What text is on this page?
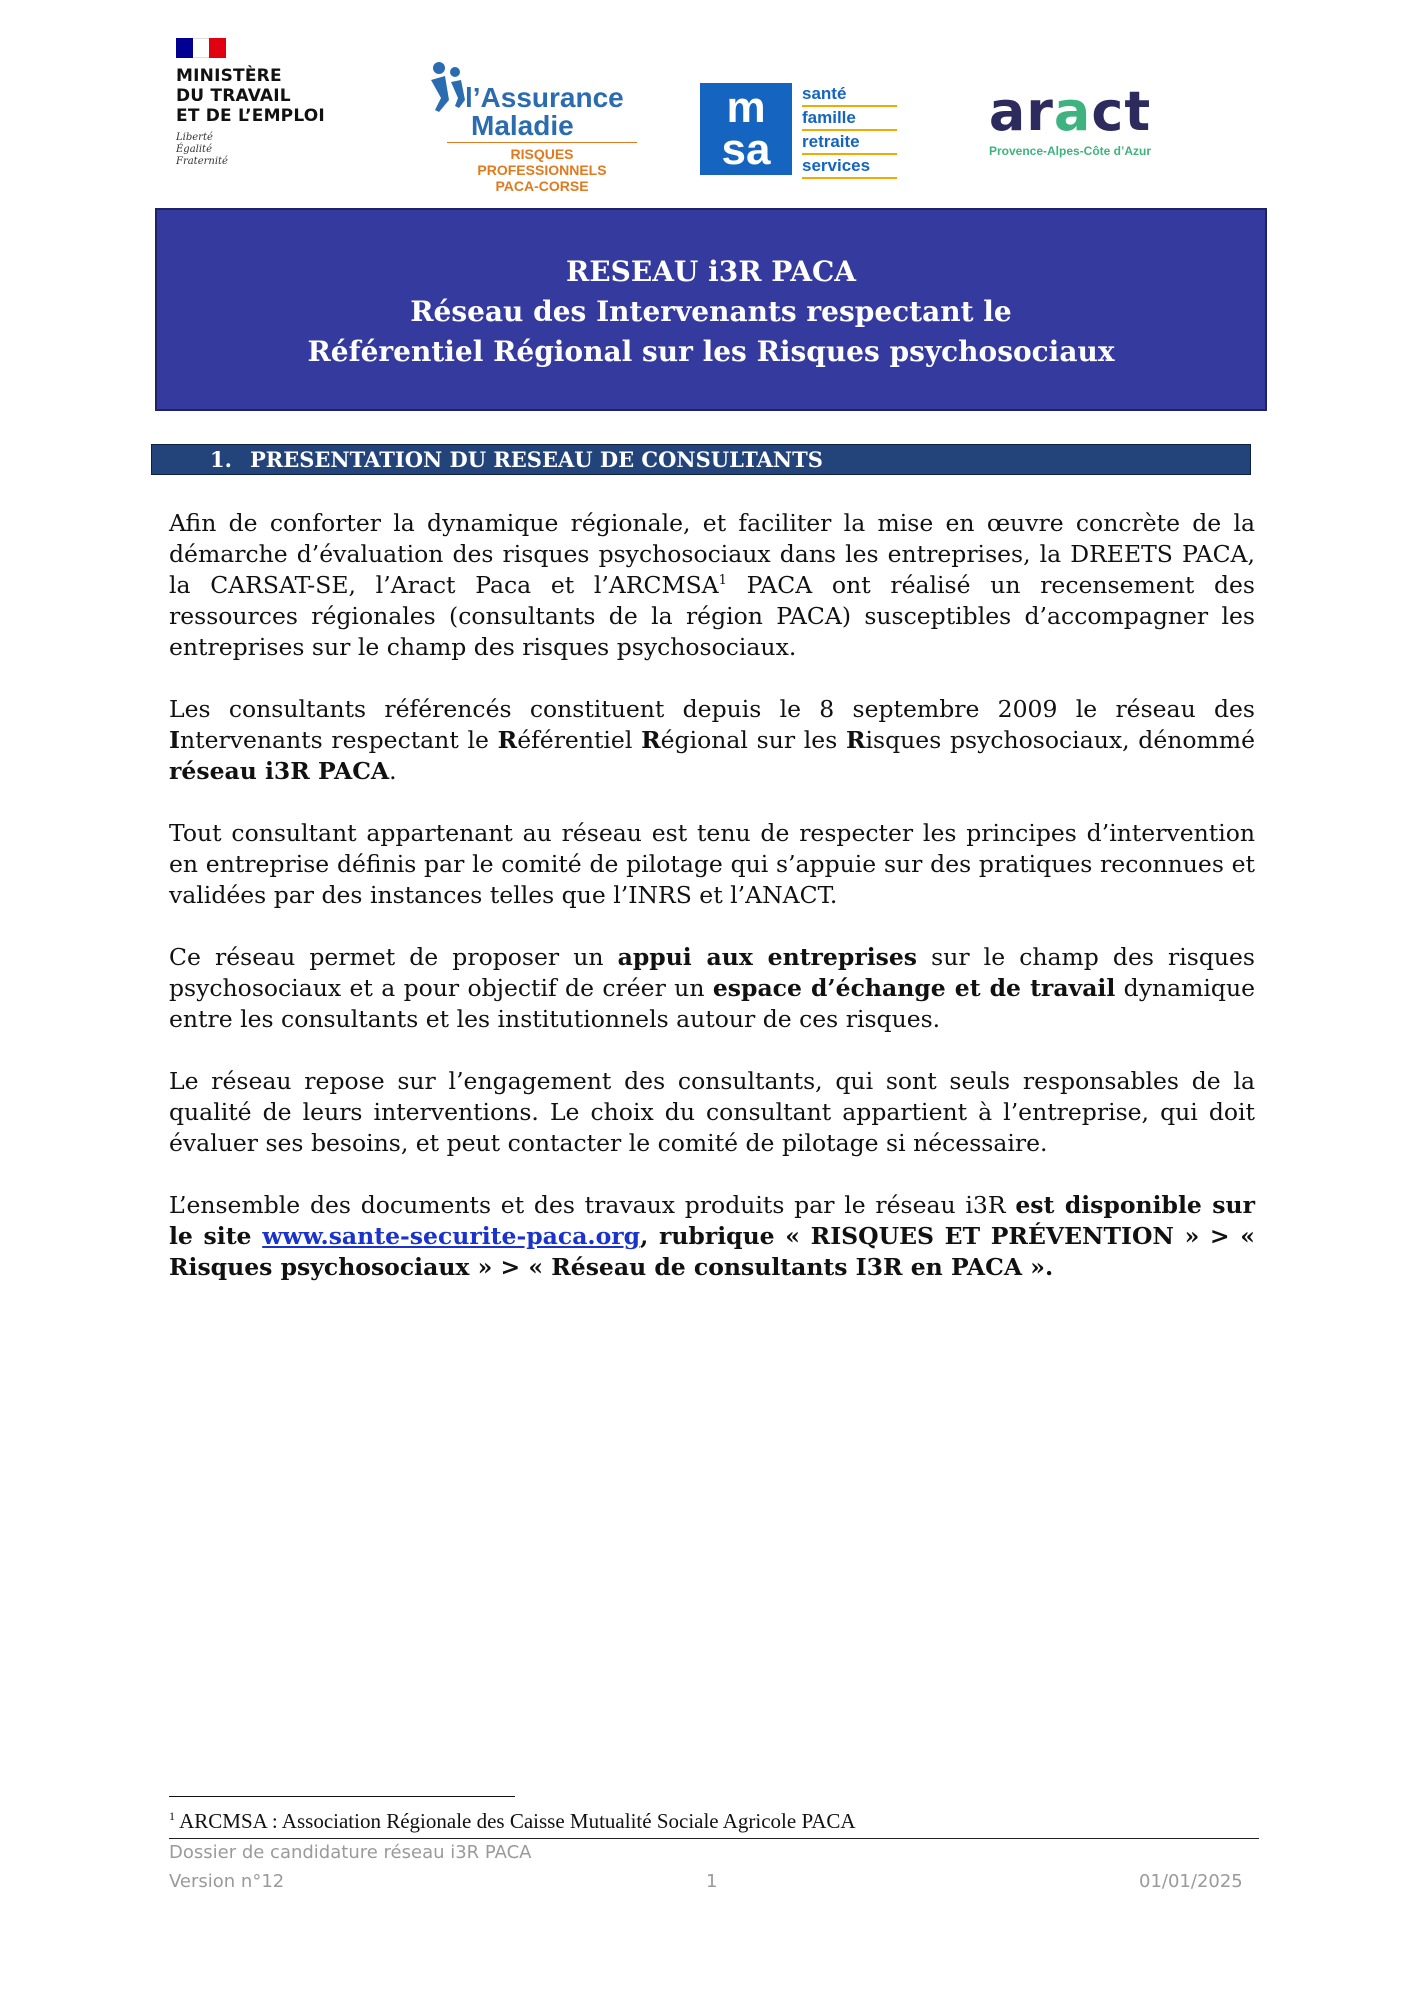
MINISTÈRE
DU TRAVAIL
ET DE L’EMPLOI
Liberté
Égalité
Fraternité
l’Assurance
Maladie
RISQUES PROFESSIONNELS
PACA-CORSE
m
sa
santé
famille
retraite
services
aract
Provence-Alpes-Côte d’Azur
RESEAU i3R PACA
Réseau des Intervenants respectant le
Référentiel Régional sur les Risques psychosociaux
1. PRESENTATION DU RESEAU DE CONSULTANTS

Afin de conforter la dynamique régionale, et faciliter la mise en œuvre concrète de la démarche d’évaluation des risques psychosociaux dans les entreprises, la DREETS PACA, la CARSAT-SE, l’Aract Paca et l’ARCMSA$^1$ PACA ont réalisé un recensement des ressources régionales (consultants de la région PACA) susceptibles d’accompagner les entreprises sur le champ des risques psychosociaux.

Les consultants référencés constituent depuis le 8 septembre 2009 le réseau des Intervenants respectant le Référentiel Régional sur les Risques psychosociaux, dénommé réseau i3R PACA.

Tout consultant appartenant au réseau est tenu de respecter les principes d’intervention en entreprise définis par le comité de pilotage qui s’appuie sur des pratiques reconnues et validées par des instances telles que l’INRS et l’ANACT.

Ce réseau permet de proposer un appui aux entreprises sur le champ des risques psychosociaux et a pour objectif de créer un espace d’échange et de travail dynamique entre les consultants et les institutionnels autour de ces risques.

Le réseau repose sur l’engagement des consultants, qui sont seuls responsables de la qualité de leurs interventions. Le choix du consultant appartient à l’entreprise, qui doit évaluer ses besoins, et peut contacter le comité de pilotage si nécessaire.

L’ensemble des documents et des travaux produits par le réseau i3R est disponible sur le site www.sante-securite-paca.org, rubrique « RISQUES ET PRÉVENTION » > « Risques psychosociaux » > « Réseau de consultants I3R en PACA ».

$^1$ ARCMSA : Association Régionale des Caisse Mutualité Sociale Agricole PACA
Dossier de candidature réseau i3R PACA
Version n°12	1	01/01/2025
